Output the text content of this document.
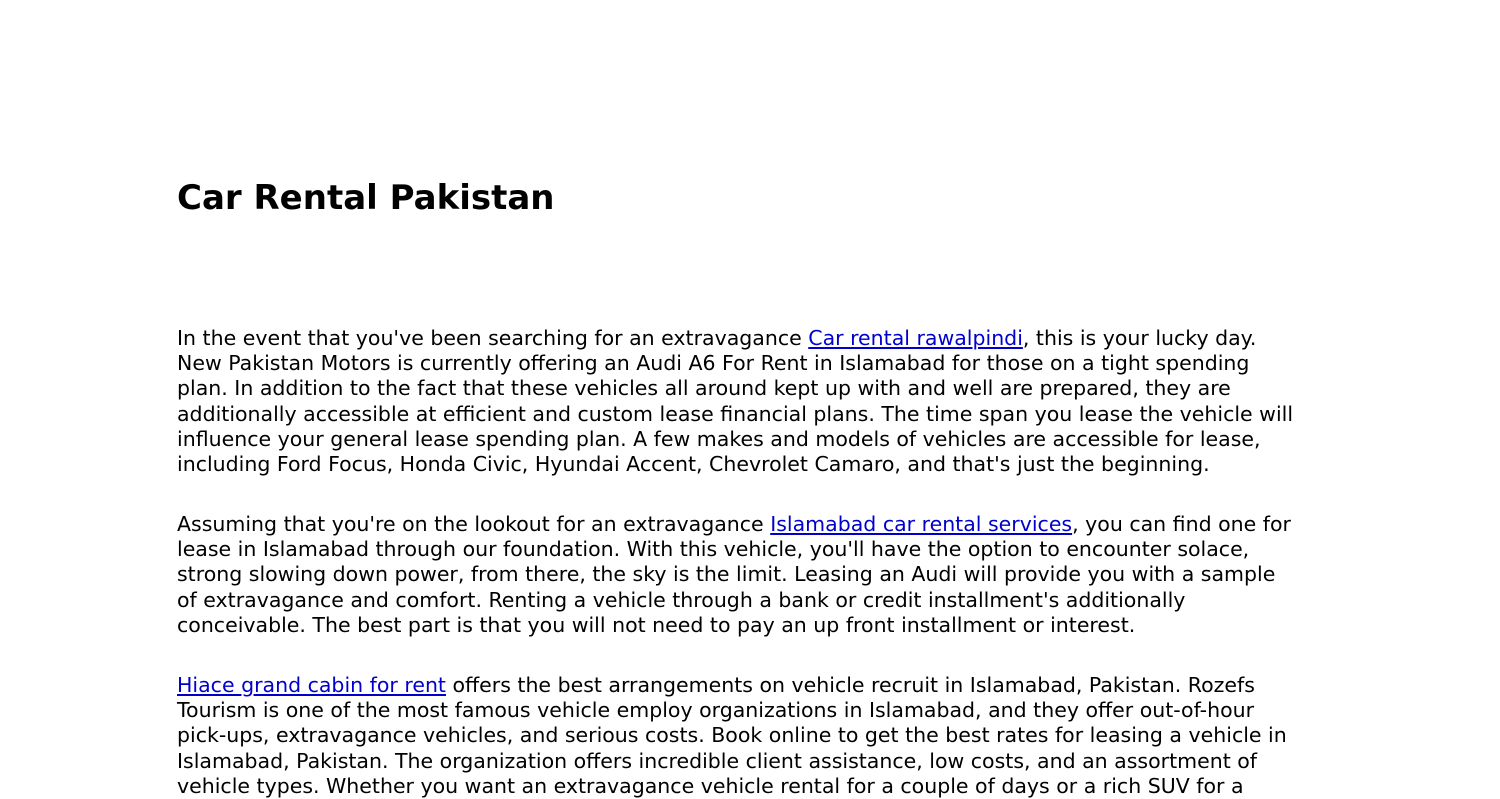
Car Rental Pakistan

In the event that you've been searching for an extravagance Car rental rawalpindi, this is your lucky day.
New Pakistan Motors is currently offering an Audi A6 For Rent in Islamabad for those on a tight spending
plan. In addition to the fact that these vehicles all around kept up with and well are prepared, they are
additionally accessible at efficient and custom lease financial plans. The time span you lease the vehicle will
influence your general lease spending plan. A few makes and models of vehicles are accessible for lease,
including Ford Focus, Honda Civic, Hyundai Accent, Chevrolet Camaro, and that's just the beginning.

Assuming that you're on the lookout for an extravagance Islamabad car rental services, you can find one for
lease in Islamabad through our foundation. With this vehicle, you'll have the option to encounter solace,
strong slowing down power, from there, the sky is the limit. Leasing an Audi will provide you with a sample
of extravagance and comfort. Renting a vehicle through a bank or credit installment's additionally
conceivable. The best part is that you will not need to pay an up front installment or interest.

Hiace grand cabin for rent offers the best arrangements on vehicle recruit in Islamabad, Pakistan. Rozefs
Tourism is one of the most famous vehicle employ organizations in Islamabad, and they offer out-of-hour
pick-ups, extravagance vehicles, and serious costs. Book online to get the best rates for leasing a vehicle in
Islamabad, Pakistan. The organization offers incredible client assistance, low costs, and an assortment of
vehicle types. Whether you want an extravagance vehicle rental for a couple of days or a rich SUV for a
